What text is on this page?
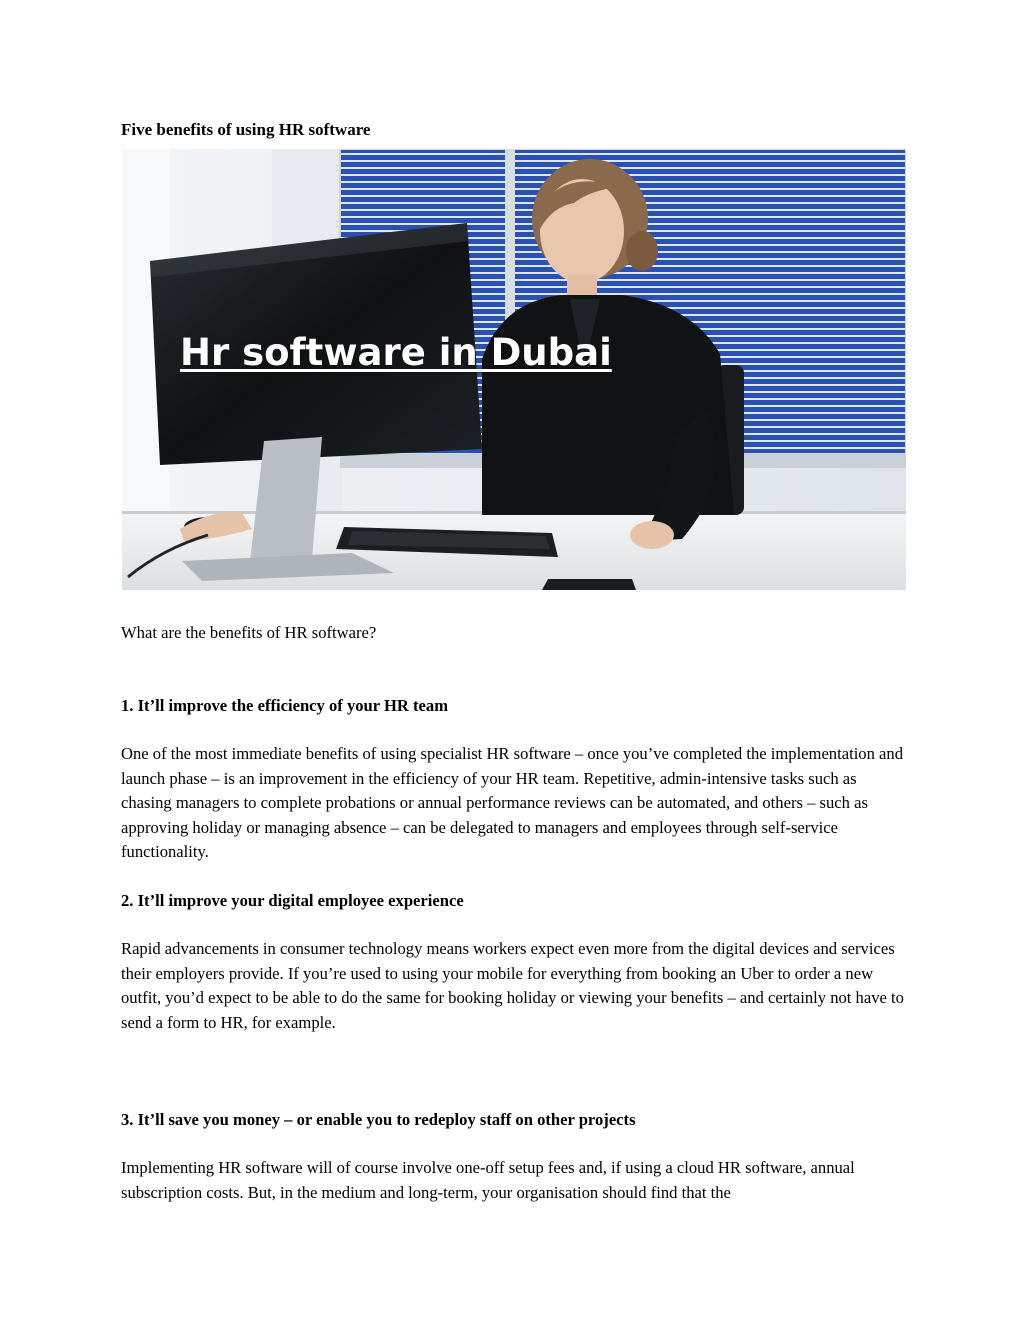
Five benefits of using HR software
Hr software in Dubai

What are the benefits of HR software?

1. It’ll improve the efficiency of your HR team

One of the most immediate benefits of using specialist HR software – once you’ve completed the implementation and launch phase – is an improvement in the efficiency of your HR team. Repetitive, admin-intensive tasks such as chasing managers to complete probations or annual performance reviews can be automated, and others – such as approving holiday or managing absence – can be delegated to managers and employees through self-service functionality.

2. It’ll improve your digital employee experience

Rapid advancements in consumer technology means workers expect even more from the digital devices and services their employers provide. If you’re used to using your mobile for everything from booking an Uber to order a new outfit, you’d expect to be able to do the same for booking holiday or viewing your benefits – and certainly not have to send a form to HR, for example.

3. It’ll save you money – or enable you to redeploy staff on other projects

Implementing HR software will of course involve one-off setup fees and, if using a cloud HR software, annual subscription costs. But, in the medium and long-term, your organisation should find that the
